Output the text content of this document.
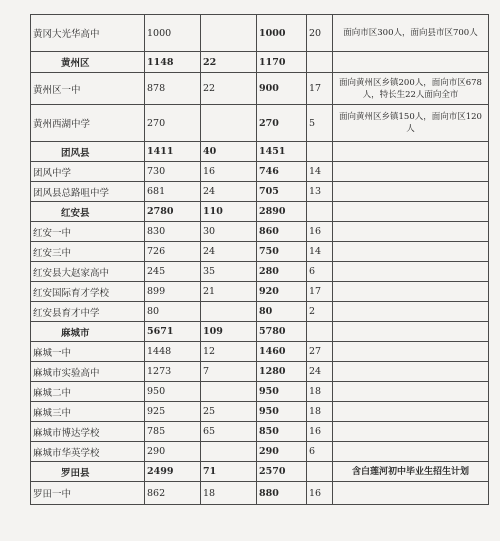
黄冈大光华高中	1000		1000	20	面向市区300人，面向县市区700人
黄州区	1148	22	1170		
黄州区一中	878	22	900	17	面向黄州区乡镇200人，面向市区678人，特长生22人面向全市
黄州西湖中学	270		270	5	面向黄州区乡镇150人，面向市区120人
团风县	1411	40	1451		
团风中学	730	16	746	14	
团风县总路咀中学	681	24	705	13	
红安县	2780	110	2890		
红安一中	830	30	860	16	
红安三中	726	24	750	14	
红安县大赵家高中	245	35	280	6	
红安国际育才学校	899	21	920	17	
红安县育才中学	80		80	2	
麻城市	5671	109	5780		
麻城一中	1448	12	1460	27	
麻城市实验高中	1273	7	1280	24	
麻城二中	950		950	18	
麻城三中	925	25	950	18	
麻城市博达学校	785	65	850	16	
麻城市华英学校	290		290	6	
罗田县	2499	71	2570		含白莲河初中毕业生招生计划
罗田一中	862	18	880	16	
